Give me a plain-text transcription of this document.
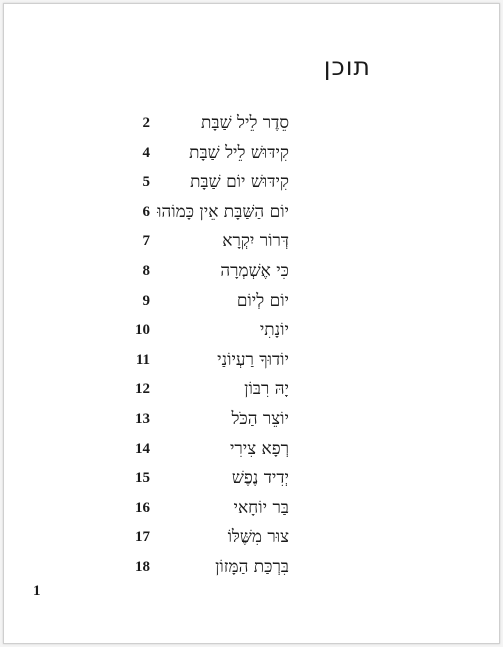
תוכן
סֵדֶר לֵיל שַׁבָּת
2
קִידּוּשׁ לֵיל שַׁבָּת
4
קִידּוּשׁ יוֹם שַׁבָּת
5
יוֹם הַשַּׁבָּת אֵין כָּמוֹהוּ
6
דְּרוֹר יִקְרָא
7
כִּי אֶשְׁמְרָה
8
יוֹם לְיוֹם
9
יוֹנָתִי
10
יוֹדוּךָ רַעְיוֹנַי
11
יָהּ רִבּוֹן
12
יוֹצֵר הַכֹּל
13
רְפָא צִירִי
14
יְדִיד נֶפֶשׁ
15
בַּר יוֹחָאי
16
צוּר מִשֶּׁלּוֹ
17
בִּרְכַּת הַמָּזוֹן
18
1
